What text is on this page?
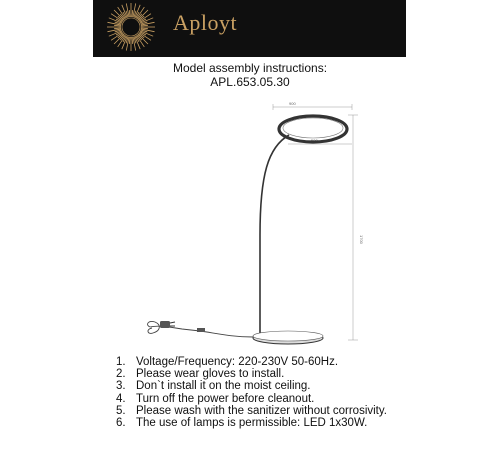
Aployt
Model assembly instructions:
APL.653.05.30
900
500
1700
1. Voltage/Frequency: 220-230V 50-60Hz.
2. Please wear gloves to install.
3. Don`t install it on the moist ceiling.
4. Turn off the power before cleanout.
5. Please wash with the sanitizer without corrosivity.
6. The use of lamps is permissible: LED 1x30W.
